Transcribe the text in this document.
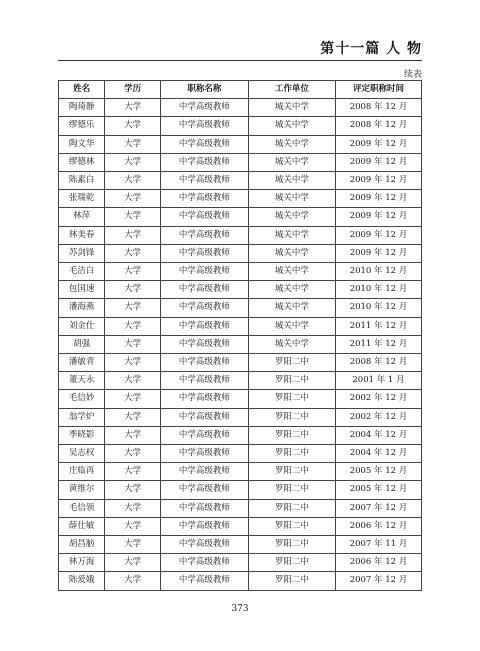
第十一篇 人 物
续表
姓名	学历	职称名称	工作单位	评定职称时间
陶琦静	大学	中学高级教师	城关中学	2008 年 12 月
缪德乐	大学	中学高级教师	城关中学	2008 年 12 月
陶文华	大学	中学高级教师	城关中学	2009 年 12 月
缪德林	大学	中学高级教师	城关中学	2009 年 12 月
陈素白	大学	中学高级教师	城关中学	2009 年 12 月
张瑞乾	大学	中学高级教师	城关中学	2009 年 12 月
林萍	大学	中学高级教师	城关中学	2009 年 12 月
林美春	大学	中学高级教师	城关中学	2009 年 12 月
苏剑锋	大学	中学高级教师	城关中学	2009 年 12 月
毛洁白	大学	中学高级教师	城关中学	2010 年 12 月
包国速	大学	中学高级教师	城关中学	2010 年 12 月
潘海燕	大学	中学高级教师	城关中学	2010 年 12 月
刘金仕	大学	中学高级教师	城关中学	2011 年 12 月
胡强	大学	中学高级教师	城关中学	2011 年 12 月
潘敏青	大学	中学高级教师	罗阳二中	2008 年 12 月
董天永	大学	中学高级教师	罗阳二中	2001 年 1 月
毛信妙	大学	中学高级教师	罗阳二中	2002 年 12 月
翁学炉	大学	中学高级教师	罗阳二中	2002 年 12 月
季晓影	大学	中学高级教师	罗阳二中	2004 年 12 月
吴志权	大学	中学高级教师	罗阳二中	2004 年 12 月
庄临再	大学	中学高级教师	罗阳二中	2005 年 12 月
黄维尔	大学	中学高级教师	罗阳二中	2005 年 12 月
毛信领	大学	中学高级教师	罗阳二中	2007 年 12 月
薛仕敏	大学	中学高级教师	罗阳二中	2006 年 12 月
胡昌脑	大学	中学高级教师	罗阳二中	2007 年 11 月
林万海	大学	中学高级教师	罗阳二中	2006 年 12 月
陈爱娥	大学	中学高级教师	罗阳二中	2007 年 12 月
373
